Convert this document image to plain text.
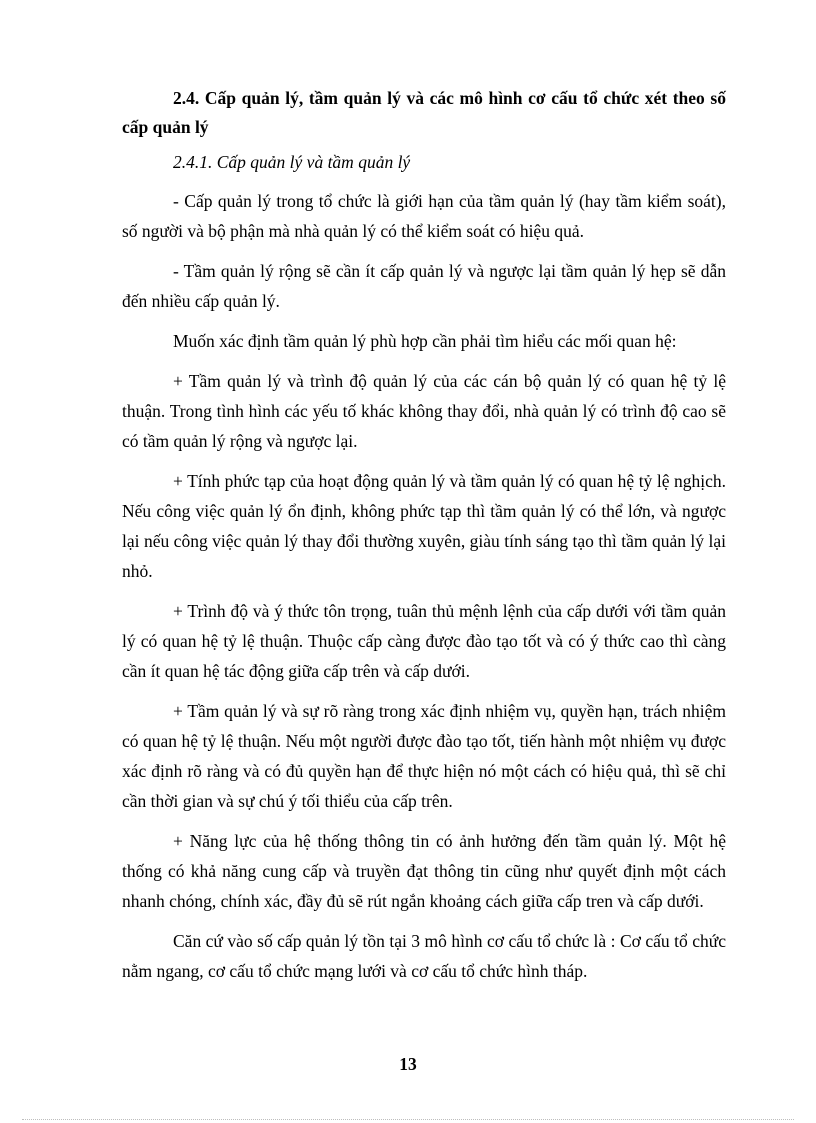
2.4. Cấp quản lý, tầm quản lý và các mô hình cơ cấu tổ chức xét theo số cấp quản lý
2.4.1. Cấp quản lý và tầm quản lý

- Cấp quản lý trong tổ chức là giới hạn của tầm quản lý (hay tầm kiểm soát), số người và bộ phận mà nhà quản lý có thể kiểm soát có hiệu quả.

- Tầm quản lý rộng sẽ cần ít cấp quản lý và ngược lại tầm quản lý hẹp sẽ dẫn đến nhiều cấp quản lý.

Muốn xác định tầm quản lý phù hợp cần phải tìm hiểu các mối quan hệ:

+ Tầm quản lý và trình độ quản lý của các cán bộ quản lý có quan hệ tỷ lệ thuận. Trong tình hình các yếu tố khác không thay đổi, nhà quản lý có trình độ cao sẽ có tầm quản lý rộng và ngược lại.

+ Tính phức tạp của hoạt động quản lý và tầm quản lý có quan hệ tỷ lệ nghịch. Nếu công việc quản lý ổn định, không phức tạp thì tầm quản lý có thể lớn, và ngược lại nếu công việc quản lý thay đổi thường xuyên, giàu tính sáng tạo thì tầm quản lý lại nhỏ.

+ Trình độ và ý thức tôn trọng, tuân thủ mệnh lệnh của cấp dưới với tầm quản lý có quan hệ tỷ lệ thuận. Thuộc cấp càng được đào tạo tốt và có ý thức cao thì càng cần ít quan hệ tác động giữa cấp trên và cấp dưới.

+ Tầm quản lý và sự rõ ràng trong xác định nhiệm vụ, quyền hạn, trách nhiệm có quan hệ tỷ lệ thuận. Nếu một người được đào tạo tốt, tiến hành một nhiệm vụ được xác định rõ ràng và có đủ quyền hạn để thực hiện nó một cách có hiệu quả, thì sẽ chỉ cần thời gian và sự chú ý tối thiểu của cấp trên.

+ Năng lực của hệ thống thông tin có ảnh hưởng đến tầm quản lý. Một hệ thống có khả năng cung cấp và truyền đạt thông tin cũng như quyết định một cách nhanh chóng, chính xác, đầy đủ sẽ rút ngắn khoảng cách giữa cấp tren và cấp dưới.

Căn cứ vào số cấp quản lý tồn tại 3 mô hình cơ cấu tổ chức là : Cơ cấu tổ chức nằm ngang, cơ cấu tổ chức mạng lưới và cơ cấu tổ chức hình tháp.

13
